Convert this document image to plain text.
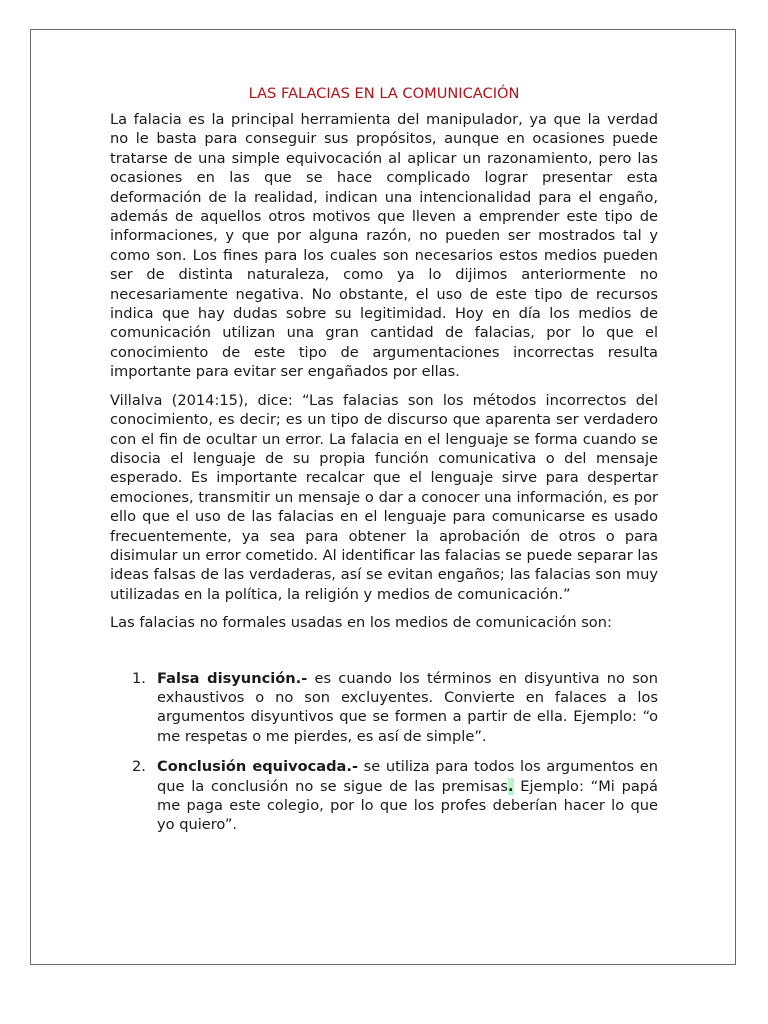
LAS FALACIAS EN LA COMUNICACIÓN

La falacia es la principal herramienta del manipulador, ya que la verdad no le basta para conseguir sus propósitos, aunque en ocasiones puede tratarse de una simple equivocación al aplicar un razonamiento, pero las ocasiones en las que se hace complicado lograr presentar esta deformación de la realidad, indican una intencionalidad para el engaño, además de aquellos otros motivos que lleven a emprender este tipo de informaciones, y que por alguna razón, no pueden ser mostrados tal y como son. Los fines para los cuales son necesarios estos medios pueden ser de distinta naturaleza, como ya lo dijimos anteriormente no necesariamente negativa. No obstante, el uso de este tipo de recursos indica que hay dudas sobre su legitimidad. Hoy en día los medios de comunicación utilizan una gran cantidad de falacias, por lo que el conocimiento de este tipo de argumentaciones incorrectas resulta importante para evitar ser engañados por ellas.

Villalva (2014:15), dice: “Las falacias son los métodos incorrectos del conocimiento, es decir; es un tipo de discurso que aparenta ser verdadero con el fin de ocultar un error. La falacia en el lenguaje se forma cuando se disocia el lenguaje de su propia función comunicativa o del mensaje esperado. Es importante recalcar que el lenguaje sirve para despertar emociones, transmitir un mensaje o dar a conocer una información, es por ello que el uso de las falacias en el lenguaje para comunicarse es usado frecuentemente, ya sea para obtener la aprobación de otros o para disimular un error cometido. Al identificar las falacias se puede separar las ideas falsas de las verdaderas, así se evitan engaños; las falacias son muy utilizadas en la política, la religión y medios de comunicación.”

Las falacias no formales usadas en los medios de comunicación son:

1. Falsa disyunción.- es cuando los términos en disyuntiva no son exhaustivos o no son excluyentes. Convierte en falaces a los argumentos disyuntivos que se formen a partir de ella. Ejemplo: “o me respetas o me pierdes, es así de simple”.
2. Conclusión equivocada.- se utiliza para todos los argumentos en que la conclusión no se sigue de las premisas. Ejemplo: “Mi papá me paga este colegio, por lo que los profes deberían hacer lo que yo quiero”.
